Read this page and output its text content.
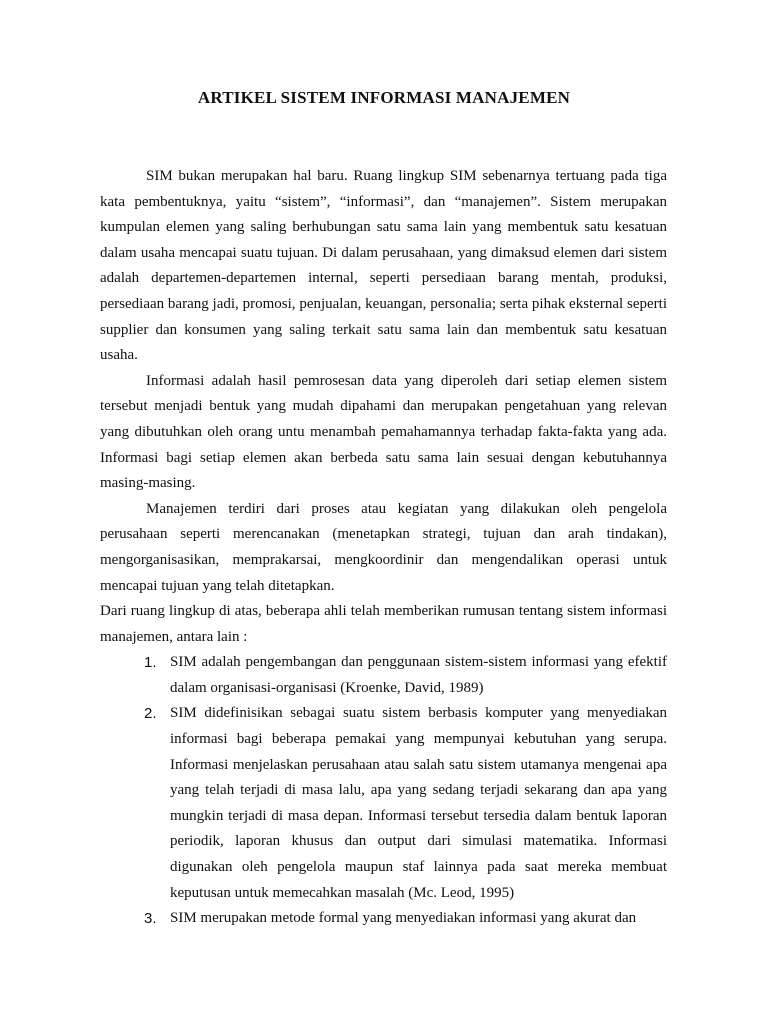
ARTIKEL SISTEM INFORMASI MANAJEMEN

SIM bukan merupakan hal baru. Ruang lingkup SIM sebenarnya tertuang pada tiga kata pembentuknya, yaitu “sistem”, “informasi”, dan “manajemen”. Sistem merupakan kumpulan elemen yang saling berhubungan satu sama lain yang membentuk satu kesatuan dalam usaha mencapai suatu tujuan. Di dalam perusahaan, yang dimaksud elemen dari sistem adalah departemen-departemen internal, seperti persediaan barang mentah, produksi, persediaan barang jadi, promosi, penjualan, keuangan, personalia; serta pihak eksternal seperti supplier dan konsumen yang saling terkait satu sama lain dan membentuk satu kesatuan usaha.

Informasi adalah hasil pemrosesan data yang diperoleh dari setiap elemen sistem tersebut menjadi bentuk yang mudah dipahami dan merupakan pengetahuan yang relevan yang dibutuhkan oleh orang untu menambah pemahamannya terhadap fakta-fakta yang ada. Informasi bagi setiap elemen akan berbeda satu sama lain sesuai dengan kebutuhannya masing-masing.

Manajemen terdiri dari proses atau kegiatan yang dilakukan oleh pengelola perusahaan seperti merencanakan (menetapkan strategi, tujuan dan arah tindakan), mengorganisasikan, memprakarsai, mengkoordinir dan mengendalikan operasi untuk mencapai tujuan yang telah ditetapkan.

Dari ruang lingkup di atas, beberapa ahli telah memberikan rumusan tentang sistem informasi manajemen, antara lain :

1. SIM adalah pengembangan dan penggunaan sistem-sistem informasi yang efektif dalam organisasi-organisasi (Kroenke, David, 1989)
2. SIM didefinisikan sebagai suatu sistem berbasis komputer yang menyediakan informasi bagi beberapa pemakai yang mempunyai kebutuhan yang serupa. Informasi menjelaskan perusahaan atau salah satu sistem utamanya mengenai apa yang telah terjadi di masa lalu, apa yang sedang terjadi sekarang dan apa yang mungkin terjadi di masa depan. Informasi tersebut tersedia dalam bentuk laporan periodik, laporan khusus dan output dari simulasi matematika. Informasi digunakan oleh pengelola maupun staf lainnya pada saat mereka membuat keputusan untuk memecahkan masalah (Mc. Leod, 1995)
3. SIM merupakan metode formal yang menyediakan informasi yang akurat dan
